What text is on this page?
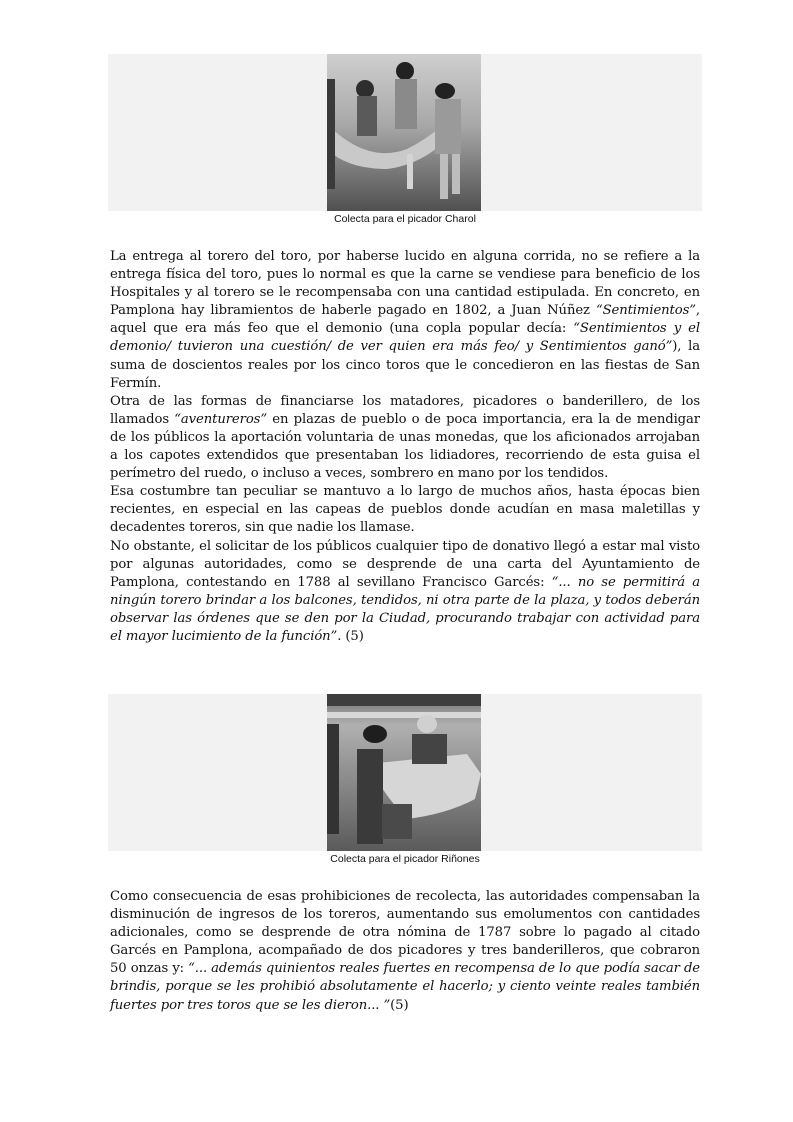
Colecta para el picador Charol

La entrega al torero del toro, por haberse lucido en alguna corrida, no se refiere a la entrega física del toro, pues lo normal es que la carne se vendiese para beneficio de los Hospitales y al torero se le recompensaba con una cantidad estipulada. En concreto, en Pamplona hay libramientos de haberle pagado en 1802, a Juan Núñez “Sentimientos”, aquel que era más feo que el demonio (una copla popular decía: “Sentimientos y el demonio/ tuvieron una cuestión/ de ver quien era más feo/ y Sentimientos ganó”), la suma de doscientos reales por los cinco toros que le concedieron en las fiestas de San Fermín.

Otra de las formas de financiarse los matadores, picadores o banderillero, de los llamados “aventureros” en plazas de pueblo o de poca importancia, era la de mendigar de los públicos la aportación voluntaria de unas monedas, que los aficionados arrojaban a los capotes extendidos que presentaban los lidiadores, recorriendo de esta guisa el perímetro del ruedo, o incluso a veces, sombrero en mano por los tendidos.

Esa costumbre tan peculiar se mantuvo a lo largo de muchos años, hasta épocas bien recientes, en especial en las capeas de pueblos donde acudían en masa maletillas y decadentes toreros, sin que nadie los llamase.

No obstante, el solicitar de los públicos cualquier tipo de donativo llegó a estar mal visto por algunas autoridades, como se desprende de una carta del Ayuntamiento de Pamplona, contestando en 1788 al sevillano Francisco Garcés: “... no se permitirá a ningún torero brindar a los balcones, tendidos, ni otra parte de la plaza, y todos deberán observar las órdenes que se den por la Ciudad, procurando trabajar con actividad para el mayor lucimiento de la función”. (5)

Colecta para el picador Riñones

Como consecuencia de esas prohibiciones de recolecta, las autoridades compensaban la disminución de ingresos de los toreros, aumentando sus emolumentos con cantidades adicionales, como se desprende de otra nómina de 1787 sobre lo pagado al citado Garcés en Pamplona, acompañado de dos picadores y tres banderilleros, que cobraron 50 onzas y: “... además quinientos reales fuertes en recompensa de lo que podía sacar de brindis, porque se les prohibió absolutamente el hacerlo; y ciento veinte reales también fuertes por tres toros que se les dieron... ”(5)
